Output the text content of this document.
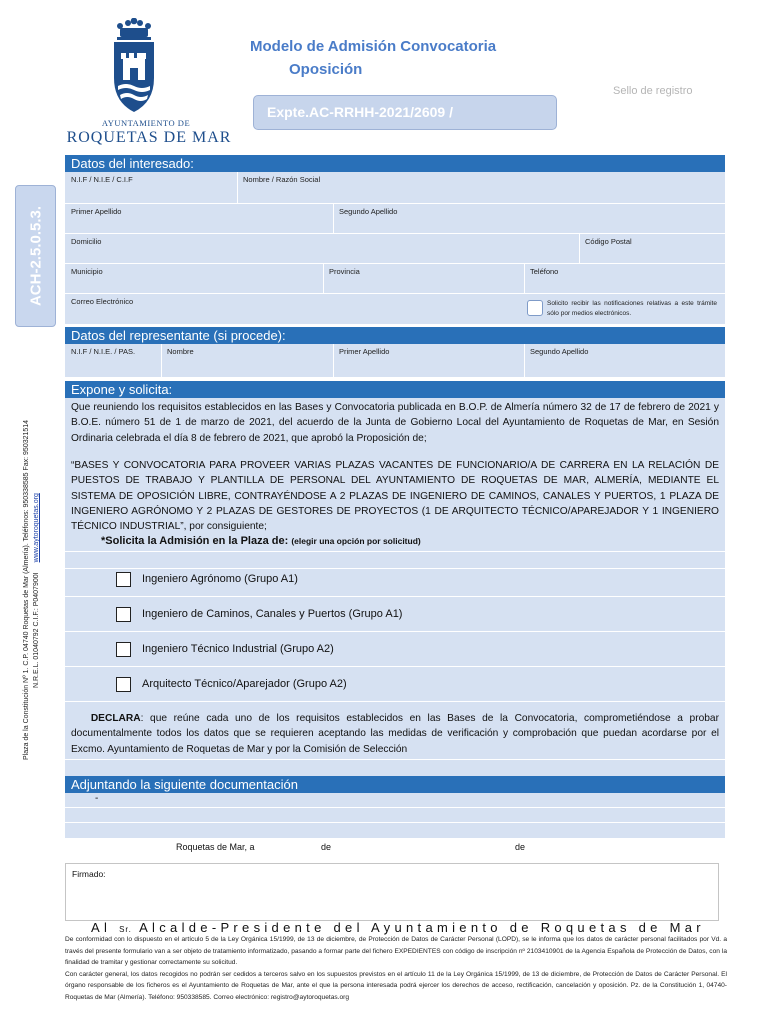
AYUNTAMIENTO DE
ROQUETAS DE MAR
Modelo de Admisión Convocatoria
Oposición
Sello de registro
Expte.AC-RRHH-2021/2609 /
ACH-2.5.0.5.3.
Plaza de la Constitución Nº 1. C.P. 04740 Roquetas de Mar (Almería). Teléfonos: 950338585 Fax: 950321514 N.R.E.L. 01040792 C.I.F.: P0407900Iwww.aytoroquetas.org
Datos del interesado:
N.I.F / N.I.E / C.I.F	Nombre / Razón Social
Primer Apellido	Segundo Apellido
Domicilio	Código Postal
Municipio	Provincia	Teléfono
Correo Electrónico	Solicito recibir las notificaciones relativas a este trámite sólo por medios electrónicos.
Datos del representante (si procede):
N.I.F / N.I.E. / PAS.	Nombre	Primer Apellido	Segundo Apellido
Expone y solicita:
Que reuniendo los requisitos establecidos en las Bases y Convocatoria publicada en B.O.P. de Almería número 32 de 17 de febrero de 2021 y B.O.E. número 51 de 1 de marzo de 2021, del acuerdo de la Junta de Gobierno Local del Ayuntamiento de Roquetas de Mar, en Sesión Ordinaria celebrada el día 8 de febrero de 2021, que aprobó la Proposición de;
“BASES Y CONVOCATORIA PARA PROVEER VARIAS PLAZAS VACANTES DE FUNCIONARIO/A DE CARRERA EN LA RELACIÓN DE PUESTOS DE TRABAJO Y PLANTILLA DE PERSONAL DEL AYUNTAMIENTO DE ROQUETAS DE MAR, ALMERÍA, MEDIANTE EL SISTEMA DE OPOSICIÓN LIBRE, CONTRAYÉNDOSE A 2 PLAZAS DE INGENIERO DE CAMINOS, CANALES Y PUERTOS, 1 PLAZA DE INGENIERO AGRÓNOMO Y 2 PLAZAS DE GESTORES DE PROYECTOS (1 DE ARQUITECTO TÉCNICO/APAREJADOR Y 1 INGENIERO TÉCNICO INDUSTRIAL”, por consiguiente;
*Solicita la Admisión en la Plaza de: (elegir una opción por solicitud)
Ingeniero Agrónomo (Grupo A1)
Ingeniero de Caminos, Canales y Puertos (Grupo A1)
Ingeniero Técnico Industrial (Grupo A2)
Arquitecto Técnico/Aparejador (Grupo A2)
DECLARA: que reúne cada uno de los requisitos establecidos en las Bases de la Convocatoria, comprometiéndose a probar documentalmente todos los datos que se requieren aceptando las medidas de verificación y comprobación que puedan acordarse por el Excmo. Ayuntamiento de Roquetas de Mar y por la Comisión de Selección
Adjuntando la siguiente documentación
-
Roquetas de Mar, a	de	de
Firmado:
Al Sr. Alcalde-Presidente del Ayuntamiento de Roquetas de Mar
De conformidad con lo dispuesto en el artículo 5 de la Ley Orgánica 15/1999, de 13 de diciembre, de Protección de Datos de Carácter Personal (LOPD), se le informa que los datos de carácter personal facilitados por Vd. a través del presente formulario van a ser objeto de tratamiento informatizado, pasando a formar parte del fichero EXPEDIENTES con código de inscripción nº 2103410901 de la Agencia Española de Protección de Datos, con la finalidad de tramitar y gestionar correctamente su solicitud.
Con carácter general, los datos recogidos no podrán ser cedidos a terceros salvo en los supuestos previstos en el artículo 11 de la Ley Orgánica 15/1999, de 13 de diciembre, de Protección de Datos de Carácter Personal. El órgano responsable de los ficheros es el Ayuntamiento de Roquetas de Mar, ante el que la persona interesada podrá ejercer los derechos de acceso, rectificación, cancelación y oposición. Pz. de la Constitución 1, 04740-Roquetas de Mar (Almería). Teléfono: 950338585. Correo electrónico: registro@aytoroquetas.org
